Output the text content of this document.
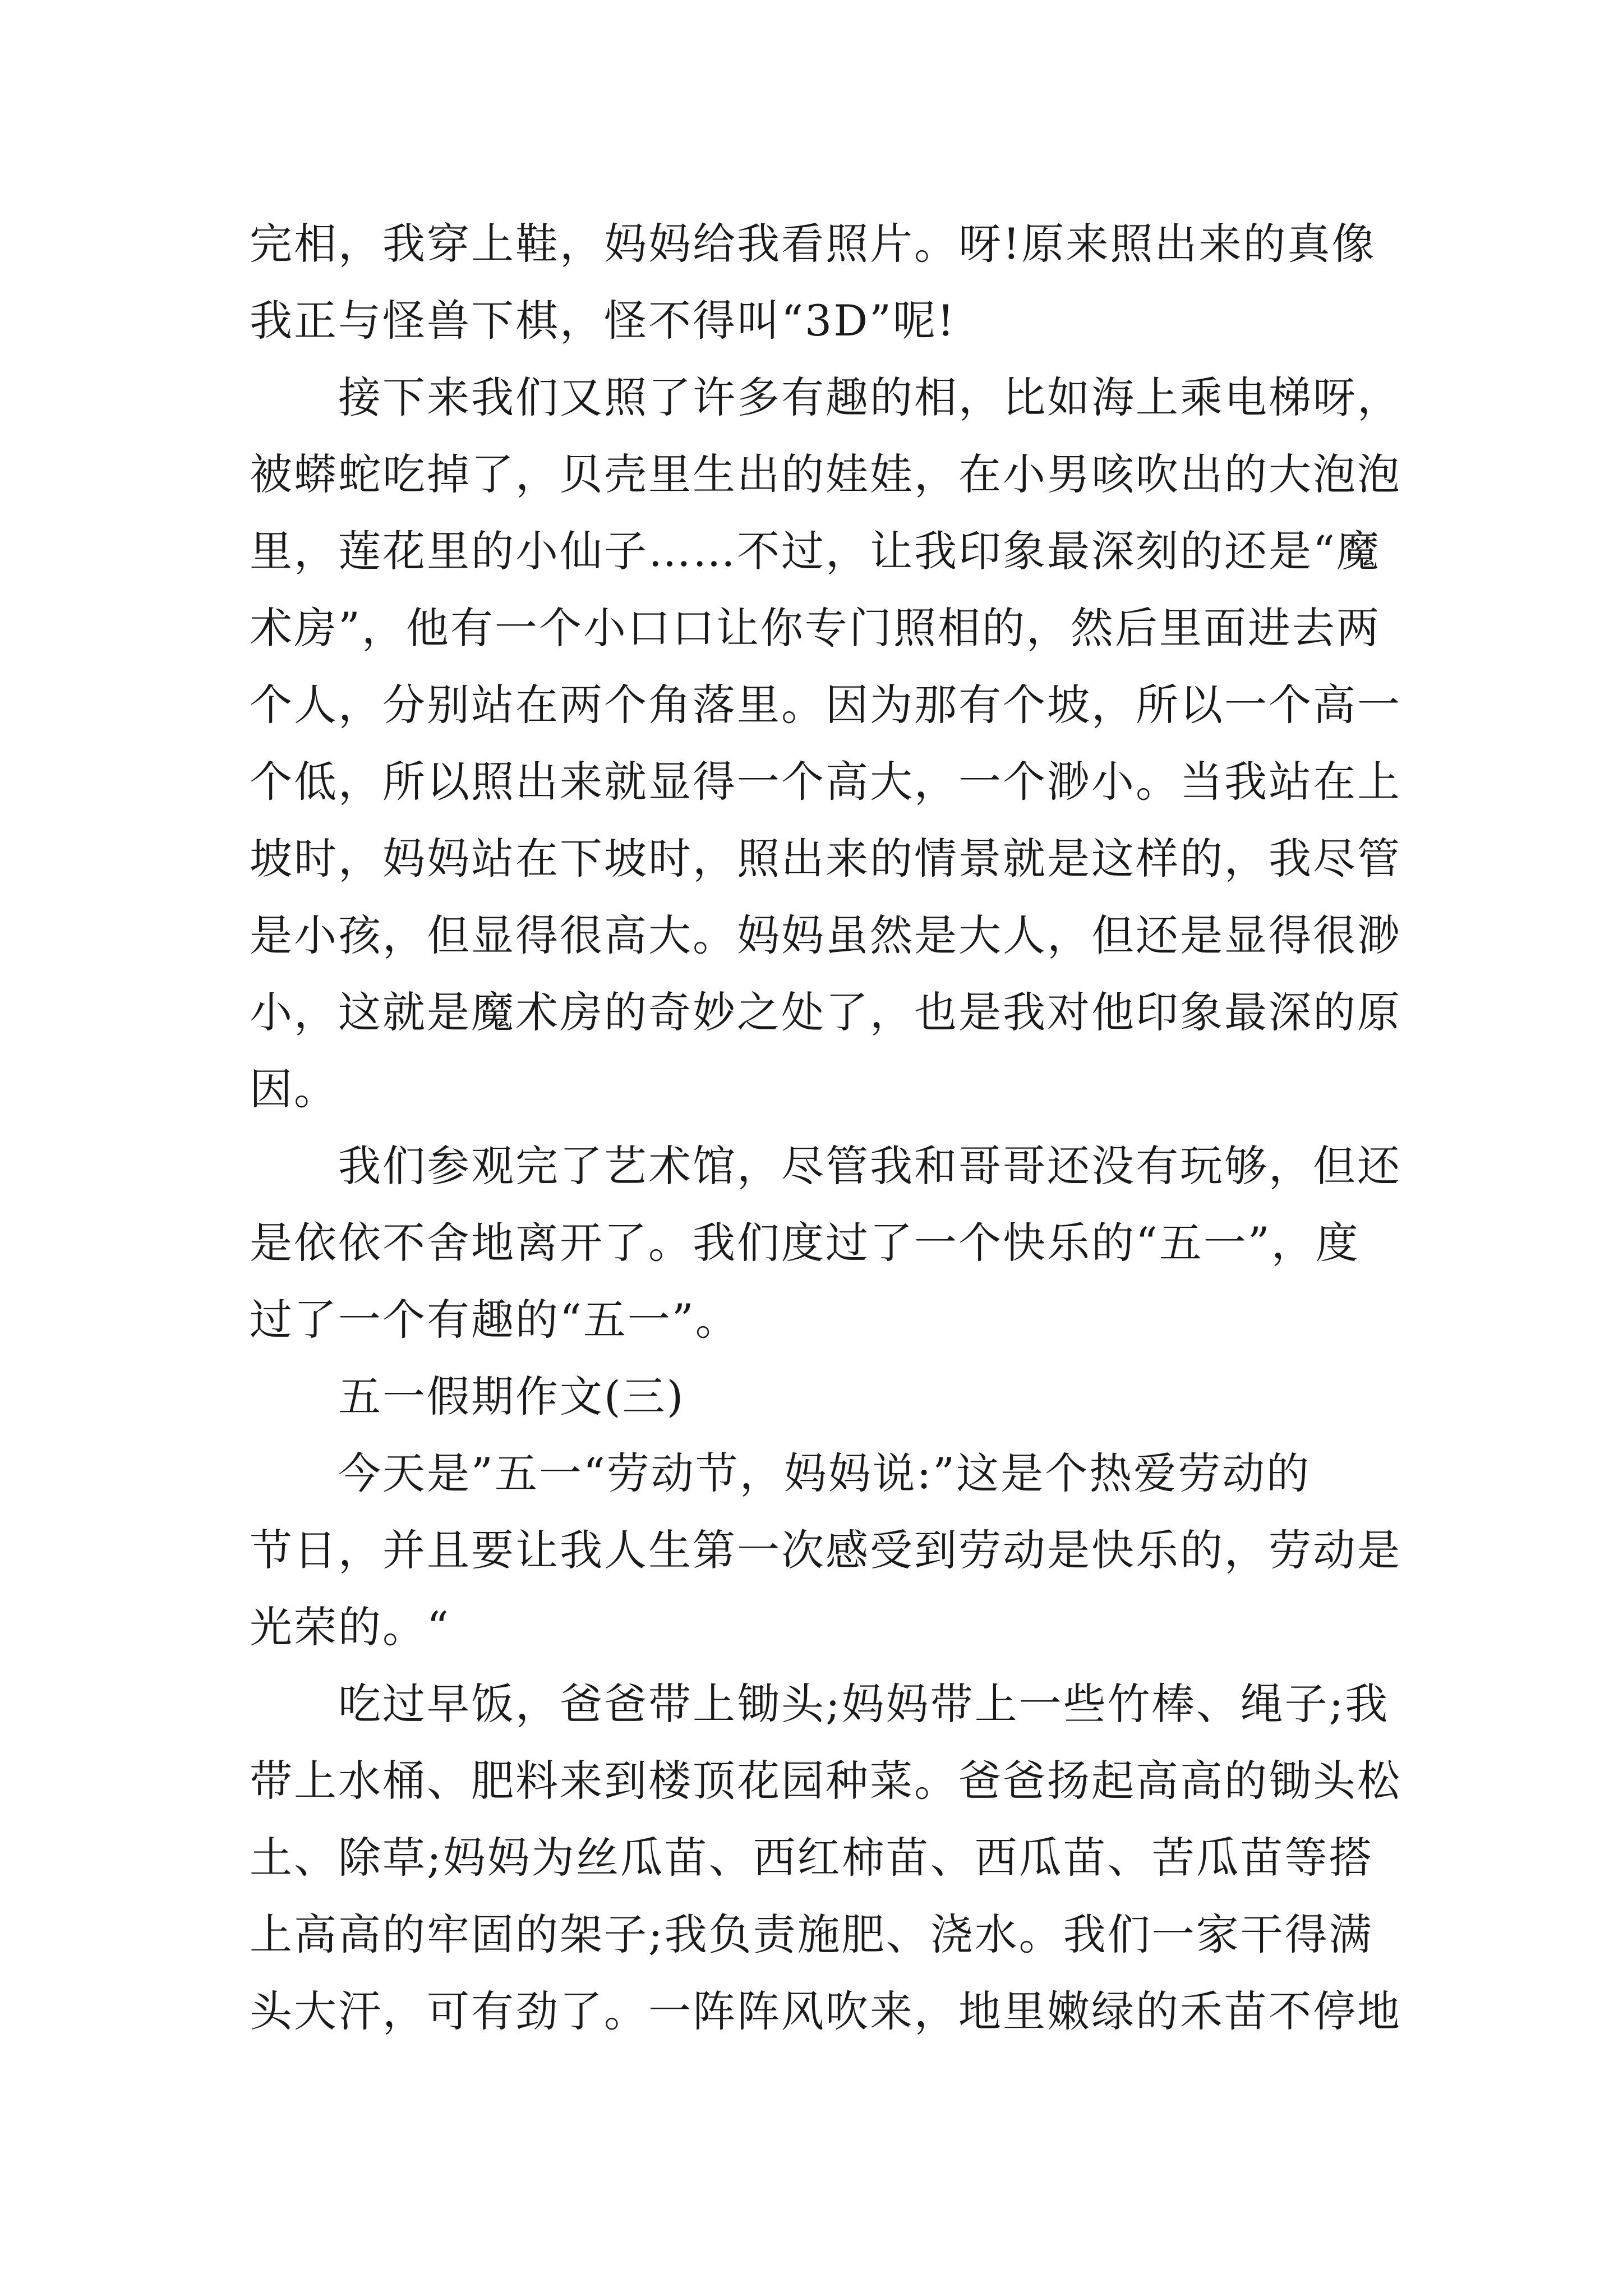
完相，我穿上鞋，妈妈给我看照片。呀!原来照出来的真像
我正与怪兽下棋，怪不得叫“3D”呢!
接下来我们又照了许多有趣的相，比如海上乘电梯呀，
被蟒蛇吃掉了，贝壳里生出的娃娃，在小男咳吹出的大泡泡
里，莲花里的小仙子……不过，让我印象最深刻的还是“魔
术房”，他有一个小口口让你专门照相的，然后里面进去两
个人，分别站在两个角落里。因为那有个坡，所以一个高一
个低，所以照出来就显得一个高大，一个渺小。当我站在上
坡时，妈妈站在下坡时，照出来的情景就是这样的，我尽管
是小孩，但显得很高大。妈妈虽然是大人，但还是显得很渺
小，这就是魔术房的奇妙之处了，也是我对他印象最深的原
因。
我们参观完了艺术馆，尽管我和哥哥还没有玩够，但还
是依依不舍地离开了。我们度过了一个快乐的“五一”，度
过了一个有趣的“五一”。
五一假期作文(三)
今天是”五一“劳动节，妈妈说:”这是个热爱劳动的
节日，并且要让我人生第一次感受到劳动是快乐的，劳动是
光荣的。“
吃过早饭，爸爸带上锄头;妈妈带上一些竹棒、绳子;我
带上水桶、肥料来到楼顶花园种菜。爸爸扬起高高的锄头松
土、除草;妈妈为丝瓜苗、西红柿苗、西瓜苗、苦瓜苗等搭
上高高的牢固的架子;我负责施肥、浇水。我们一家干得满
头大汗，可有劲了。一阵阵风吹来，地里嫩绿的禾苗不停地
